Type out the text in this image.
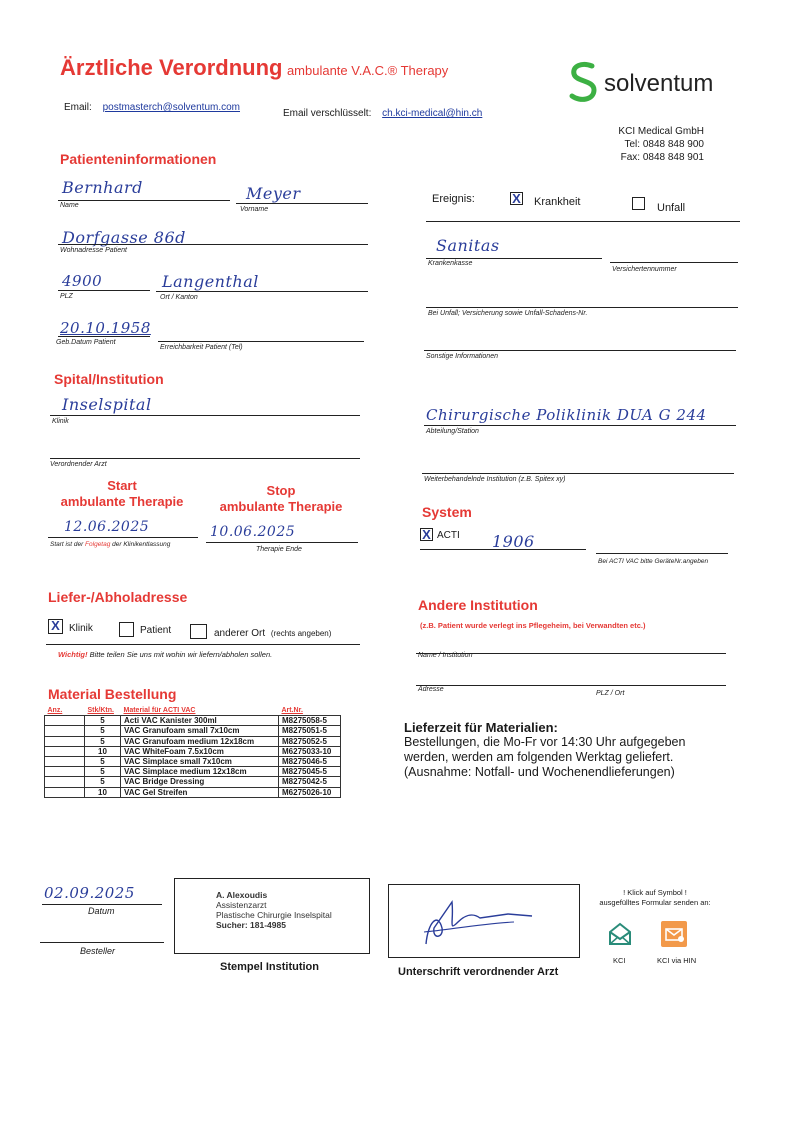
Ärztliche Verordnung ambulante V.A.C.® Therapy
Email: postmasterch@solventum.com
Email verschlüsselt: ch.kci-medical@hin.ch
solventum
KCI Medical GmbH
Tel: 0848 848 900
Fax: 0848 848 901
Patienteninformationen
Bernhard
Name
Meyer
Vorname
Dorfgasse 86d
Wohnadresse Patient
4900
PLZ
Langenthal
Ort / Kanton
20.10.1958
Geb.Datum Patient
Erreichbarkeit Patient (Tel)
Ereignis:	X Krankheit	Unfall
Sanitas
Krankenkasse
Versichertennummer
Bei Unfall; Versicherung sowie Unfall-Schadens-Nr.
Sonstige Informationen
Spital/Institution
Inselspital
Klinik
Verordnender Arzt
Chirurgische Poliklinik DUA G 244
Abteilung/Station
Weiterbehandelnde Institution (z.B. Spitex xy)
Start
ambulante Therapie
Stop
ambulante Therapie
12.06.2025
Start ist der Folgetag der Klinikentlassung
10.06.2025
Therapie Ende
System
X ACTI 1906
Bei ACTI VAC bitte GeräteNr.angeben
Liefer-/Abholadresse
X Klinik	Patient	anderer Ort (rechts angeben)
Wichtig! Bitte teilen Sie uns mit wohin wir liefern/abholen sollen.
Andere Institution
(z.B. Patient wurde verlegt ins Pflegeheim, bei Verwandten etc.)
Name / Institution
Adresse
PLZ / Ort
Material Bestellung
Anz.	Stk/Ktn.	Material für ACTI VAC	Art.Nr.
	5	Acti VAC Kanister 300ml	M8275058-5
	5	VAC Granufoam small 7x10cm	M8275051-5
	5	VAC Granufoam medium 12x18cm	M8275052-5
	10	VAC WhiteFoam 7.5x10cm	M6275033-10
	5	VAC Simplace small 7x10cm	M8275046-5
	5	VAC Simplace medium 12x18cm	M8275045-5
	5	VAC Bridge Dressing	M8275042-5
	10	VAC Gel Streifen	M6275026-10
Lieferzeit für Materialien:
Bestellungen, die Mo-Fr vor 14:30 Uhr aufgegeben
werden, werden am folgenden Werktag geliefert.
(Ausnahme: Notfall- und Wochenendlieferungen)
02.09.2025
Datum
Besteller
A. Alexoudis
Assistenzarzt
Plastische Chirurgie Inselspital
Sucher: 181-4985
Stempel Institution	Unterschrift verordnender Arzt
! Klick auf Symbol !
ausgefülltes Formular senden an:
KCI	KCI via HIN
